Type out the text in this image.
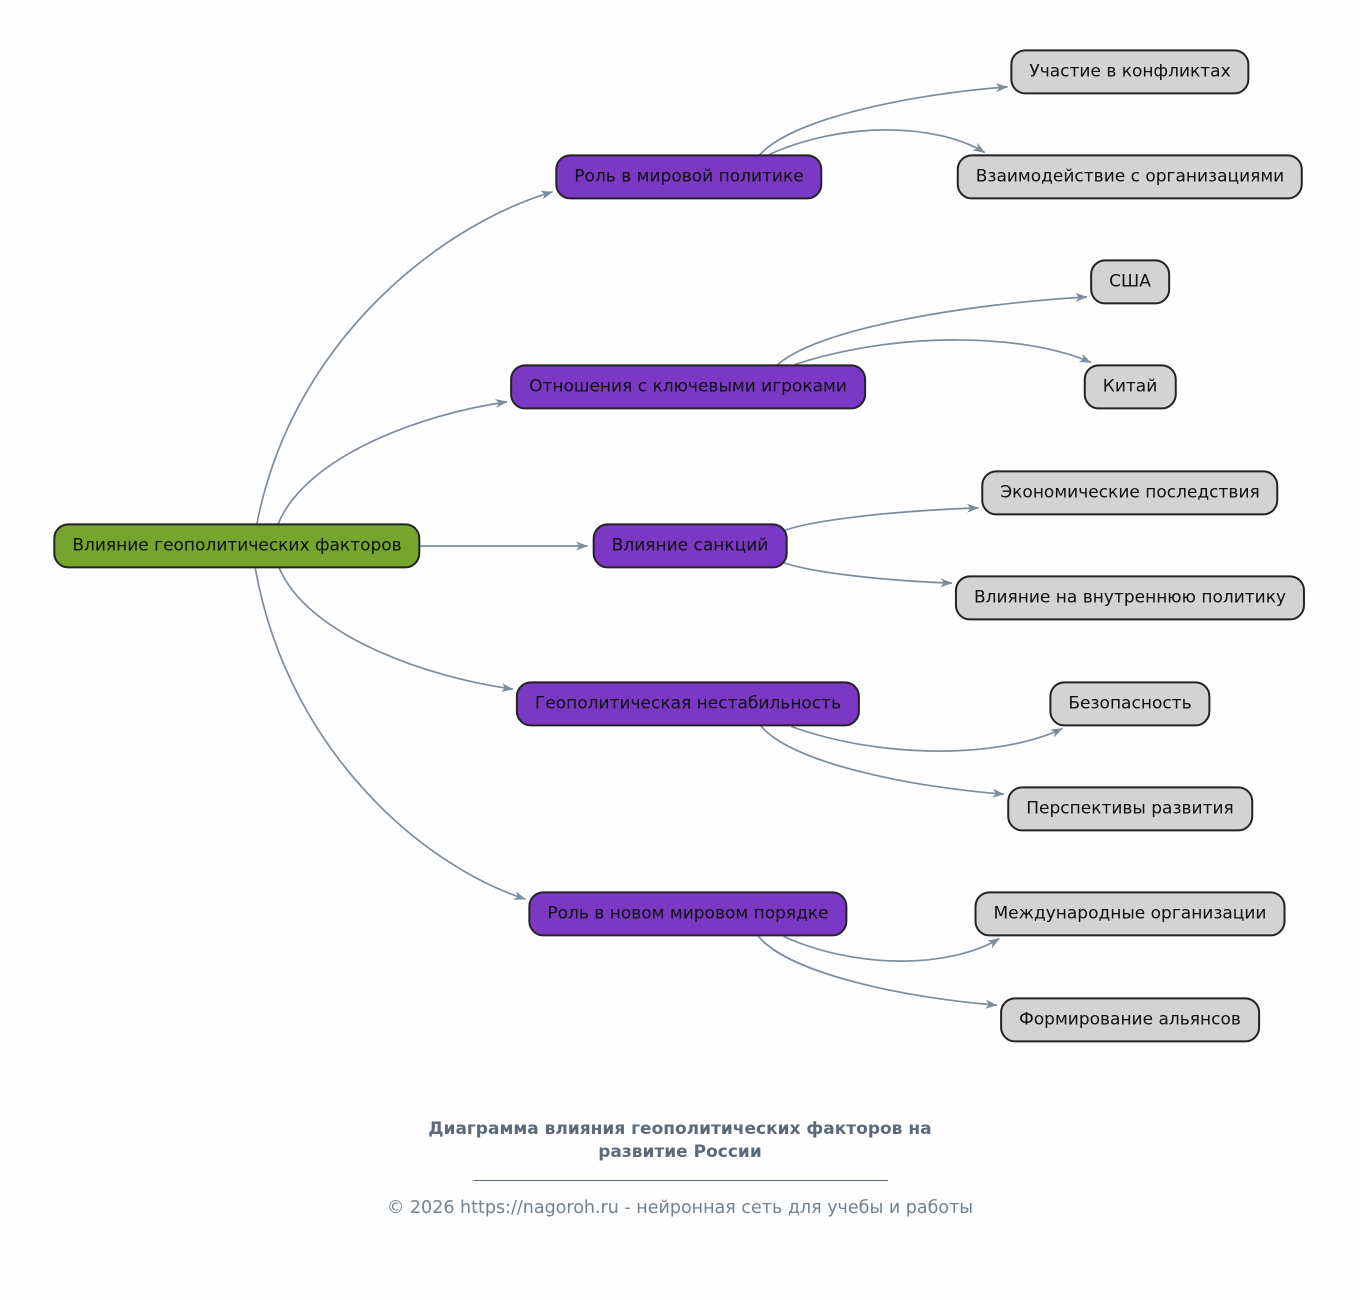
Влияние геополитических факторов
Роль в мировой политике
Участие в конфликтах
Взаимодействие с организациями
Отношения с ключевыми игроками
США
Китай
Влияние санкций
Экономические последствия
Влияние на внутреннюю политику
Геополитическая нестабильность	Безопасность
Перспективы развития
Роль в новом мировом порядке	Международные организации
Формирование альянсов
Диаграмма влияния геополитических факторов на развитие России
© 2026 https://nagoroh.ru - нейронная сеть для учебы и работы
